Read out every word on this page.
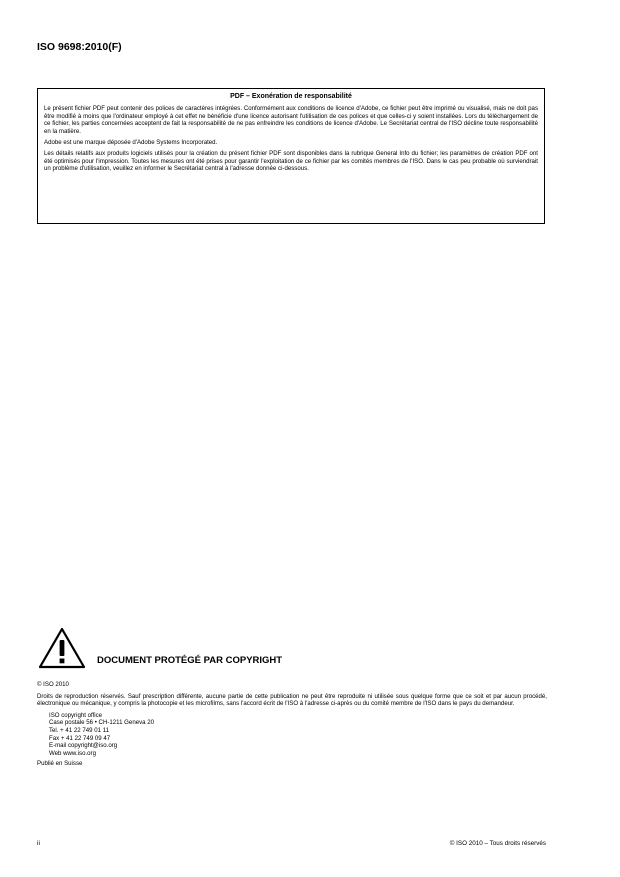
ISO 9698:2010(F)
PDF – Exonération de responsabilité

Le présent fichier PDF peut contenir des polices de caractères intégrées. Conformément aux conditions de licence d'Adobe, ce fichier peut être imprimé ou visualisé, mais ne doit pas être modifié à moins que l'ordinateur employé à cet effet ne bénéficie d'une licence autorisant l'utilisation de ces polices et que celles-ci y soient installées. Lors du téléchargement de ce fichier, les parties concernées acceptent de fait la responsabilité de ne pas enfreindre les conditions de licence d'Adobe. Le Secrétariat central de l'ISO décline toute responsabilité en la matière.

Adobe est une marque déposée d'Adobe Systems Incorporated.

Les détails relatifs aux produits logiciels utilisés pour la création du présent fichier PDF sont disponibles dans la rubrique General Info du fichier; les paramètres de création PDF ont été optimisés pour l'impression. Toutes les mesures ont été prises pour garantir l'exploitation de ce fichier par les comités membres de l'ISO. Dans le cas peu probable où surviendrait un problème d'utilisation, veuillez en informer le Secrétariat central à l'adresse donnée ci-dessous.

DOCUMENT PROTÉGÉ PAR COPYRIGHT

© ISO 2010

Droits de reproduction réservés. Sauf prescription différente, aucune partie de cette publication ne peut être reproduite ni utilisée sous quelque forme que ce soit et par aucun procédé, électronique ou mécanique, y compris la photocopie et les microfilms, sans l'accord écrit de l'ISO à l'adresse ci-après ou du comité membre de l'ISO dans le pays du demandeur.

ISO copyright office
Case postale 56 • CH-1211 Geneva 20
Tel. + 41 22 749 01 11
Fax + 41 22 749 09 47
E-mail copyright@iso.org
Web www.iso.org

Publié en Suisse

ii	© ISO 2010 – Tous droits réservés
